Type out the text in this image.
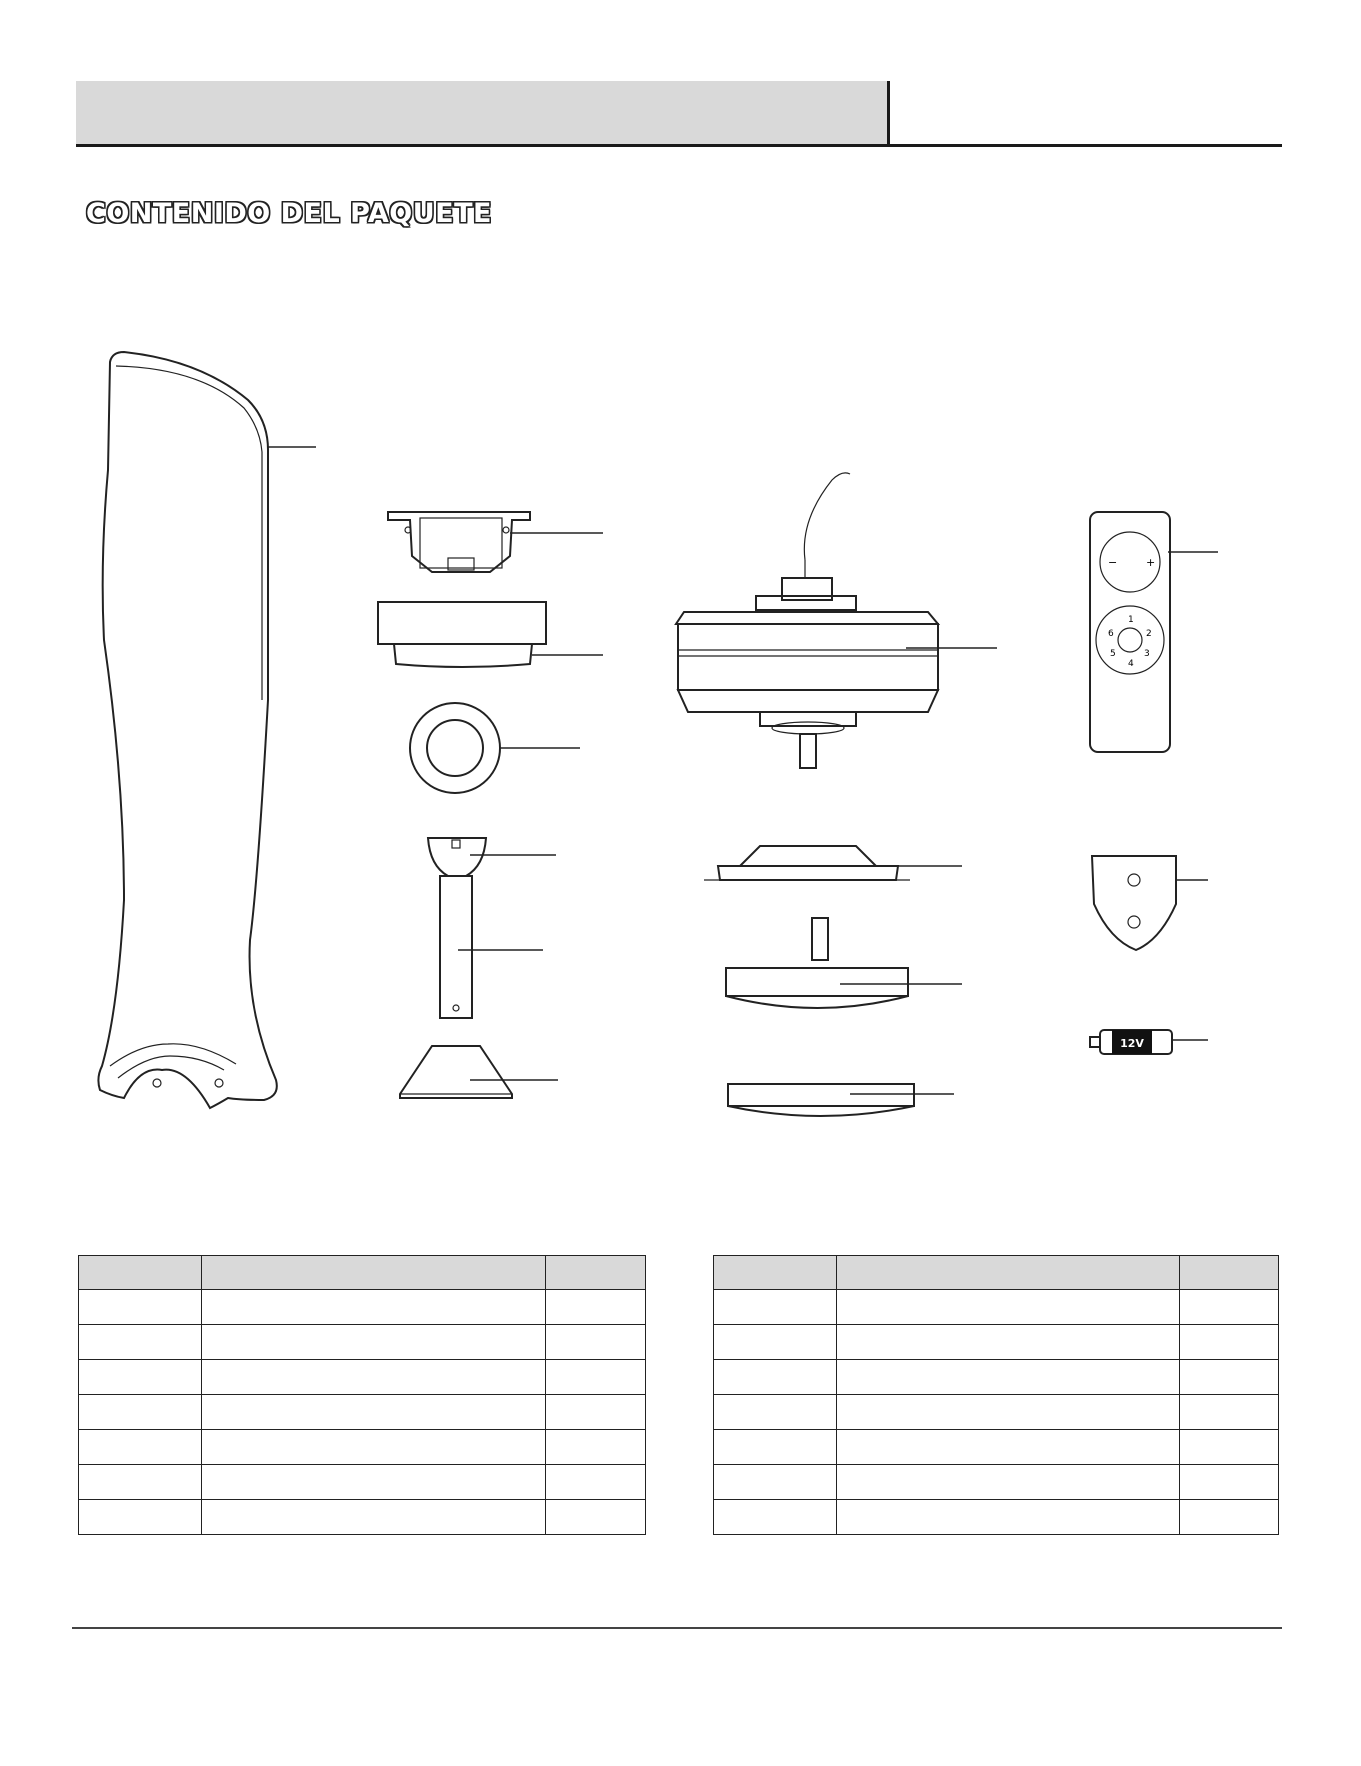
CONTENIDO DEL PAQUETE
−	+
1
2
3
4
5
6
12V
